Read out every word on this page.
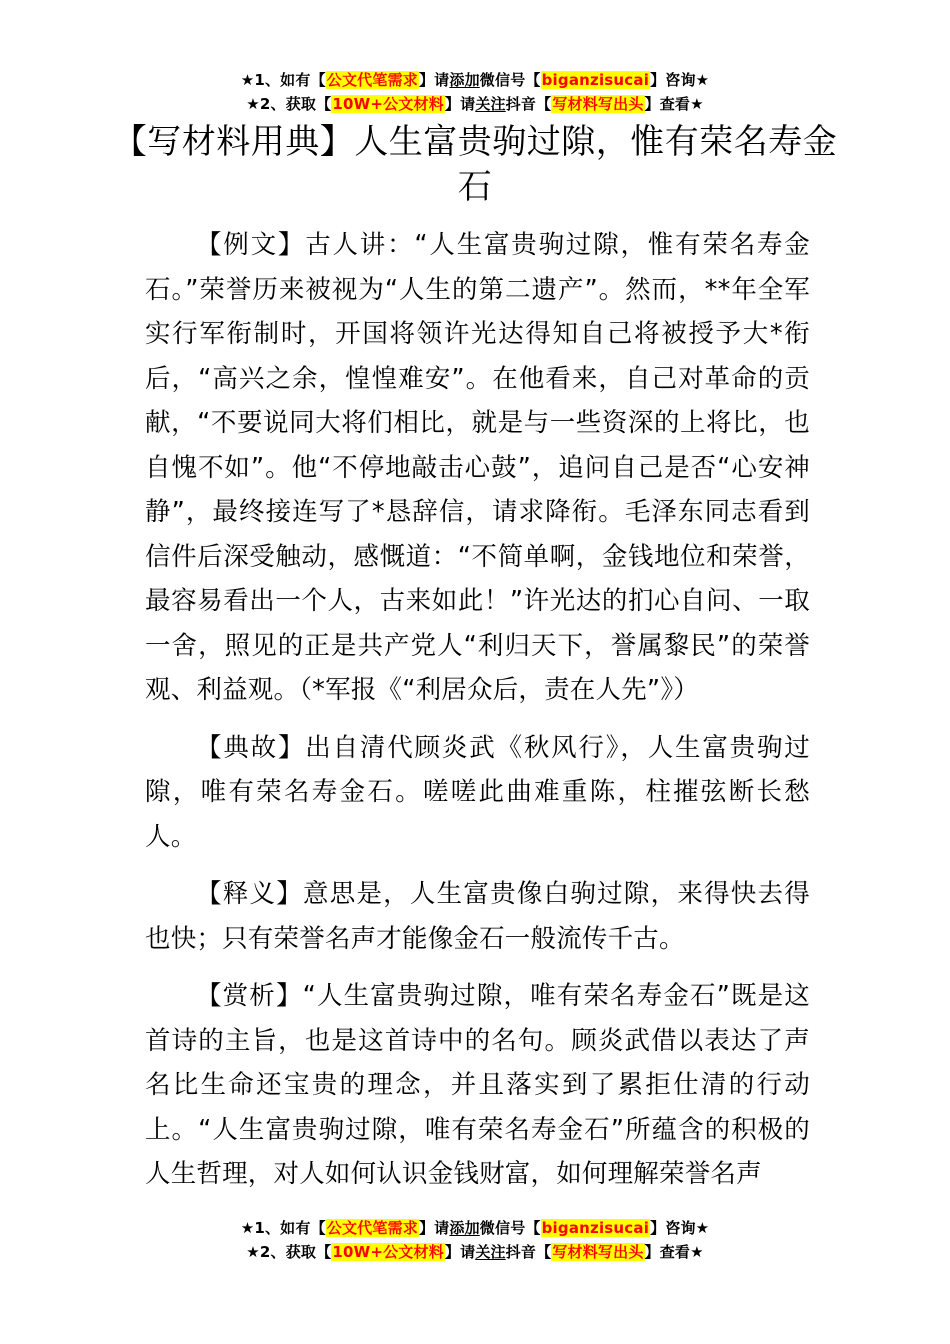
★1、如有【公文代笔需求】请添加微信号【biganzisucai】咨询★
★2、获取【10W+公文材料】请关注抖音【写材料写出头】查看★
【写材料用典】人生富贵驹过隙，惟有荣名寿金石

【例文】古人讲：“人生富贵驹过隙，惟有荣名寿金石。”荣誉历来被视为“人生的第二遗产”。然而，**年全军实行军衔制时，开国将领许光达得知自己将被授予大*衔后，“高兴之余，惶惶难安”。在他看来，自己对革命的贡献，“不要说同大将们相比，就是与一些资深的上将比，也自愧不如”。他“不停地敲击心鼓”，追问自己是否“心安神静”，最终接连写了*恳辞信，请求降衔。毛泽东同志看到信件后深受触动，感慨道：“不简单啊，金钱地位和荣誉，最容易看出一个人，古来如此！”许光达的扪心自问、一取一舍，照见的正是共产党人“利归天下，誉属黎民”的荣誉观、利益观。（*军报《“利居众后，责在人先”》）

【典故】出自清代顾炎武《秋风行》，人生富贵驹过隙，唯有荣名寿金石。嗟嗟此曲难重陈，柱摧弦断长愁人。

【释义】意思是，人生富贵像白驹过隙，来得快去得也快；只有荣誉名声才能像金石一般流传千古。

【赏析】“人生富贵驹过隙，唯有荣名寿金石”既是这首诗的主旨，也是这首诗中的名句。顾炎武借以表达了声名比生命还宝贵的理念，并且落实到了累拒仕清的行动上。“人生富贵驹过隙，唯有荣名寿金石”所蕴含的积极的人生哲理，对人如何认识金钱财富，如何理解荣誉名声

★1、如有【公文代笔需求】请添加微信号【biganzisucai】咨询★
★2、获取【10W+公文材料】请关注抖音【写材料写出头】查看★
